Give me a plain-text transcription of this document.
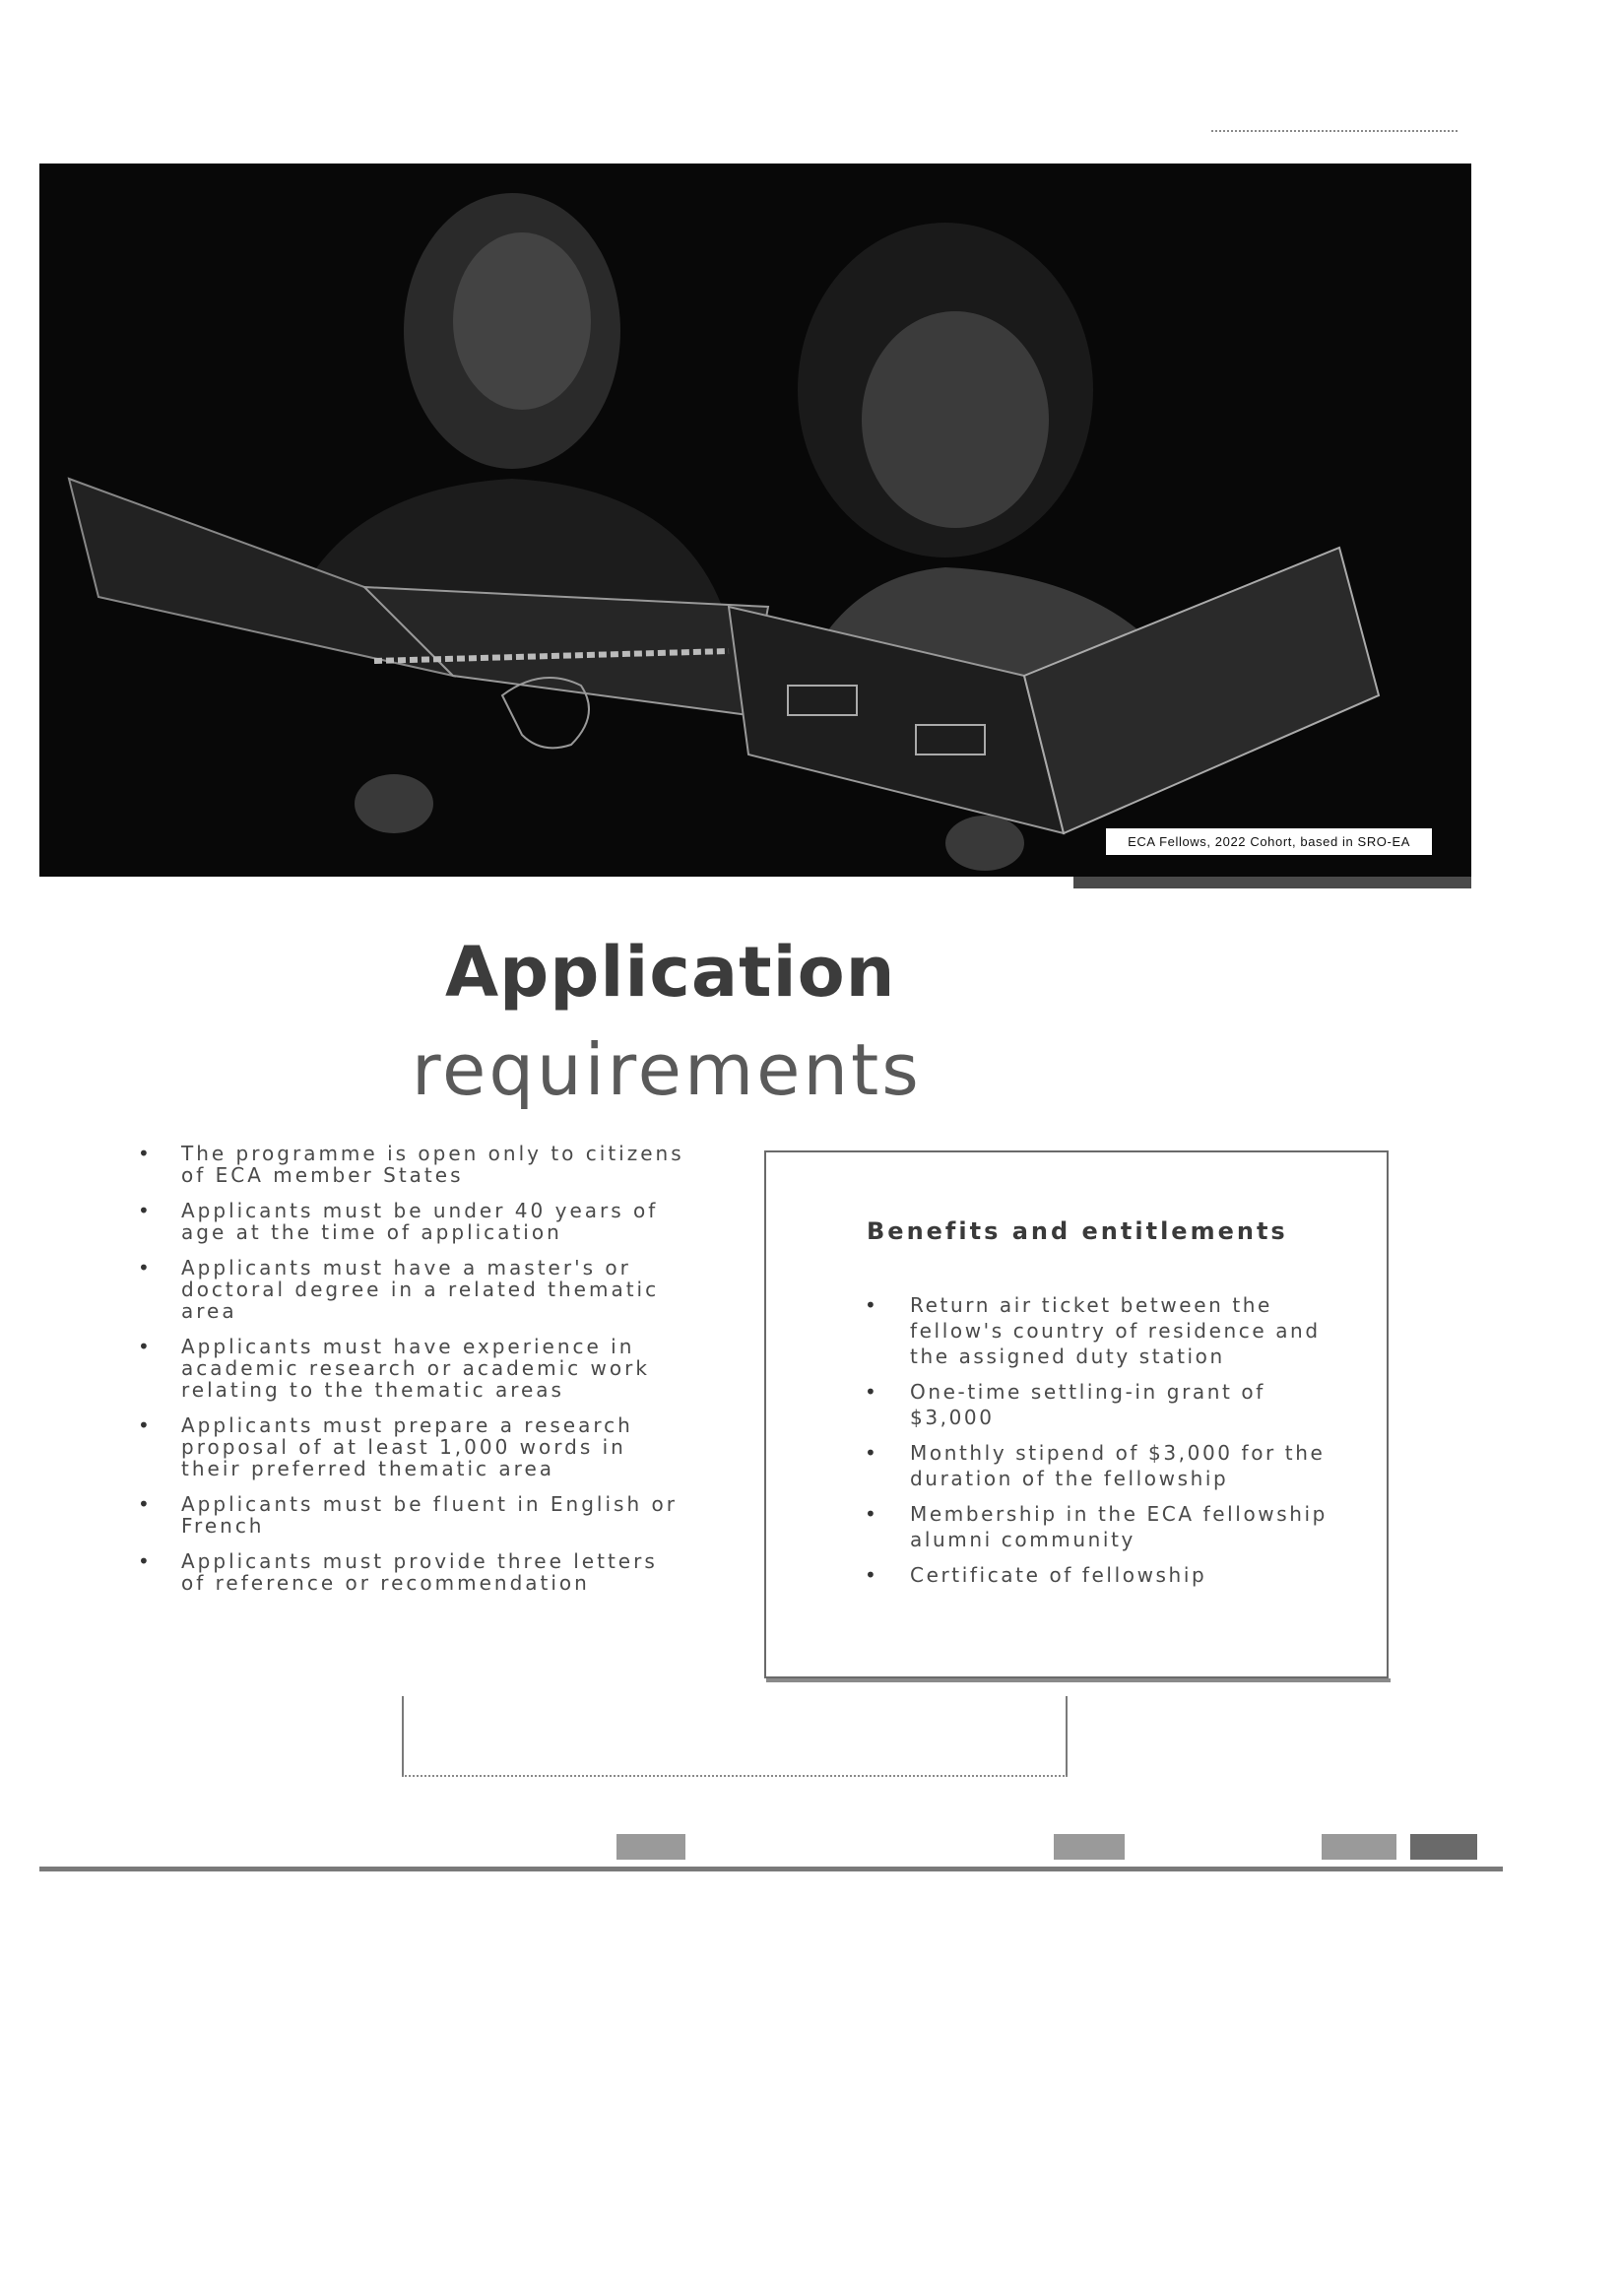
ECA Fellows, 2022 Cohort, based in SRO-EA
Application
requirements
• The programme is open only to citizens of ECA member States
• Applicants must be under 40 years of age at the time of application
• Applicants must have a master's or doctoral degree in a related thematic area
• Applicants must have experience in academic research or academic work relating to the thematic areas
• Applicants must prepare a research proposal of at least 1,000 words in their preferred thematic area
• Applicants must be fluent in English or French
• Applicants must provide three letters of reference or recommendation
Benefits and entitlements
• Return air ticket between the fellow's country of residence and the assigned duty station
• One-time settling-in grant of $3,000
• Monthly stipend of $3,000 for the duration of the fellowship
• Membership in the ECA fellowship alumni community
• Certificate of fellowship
